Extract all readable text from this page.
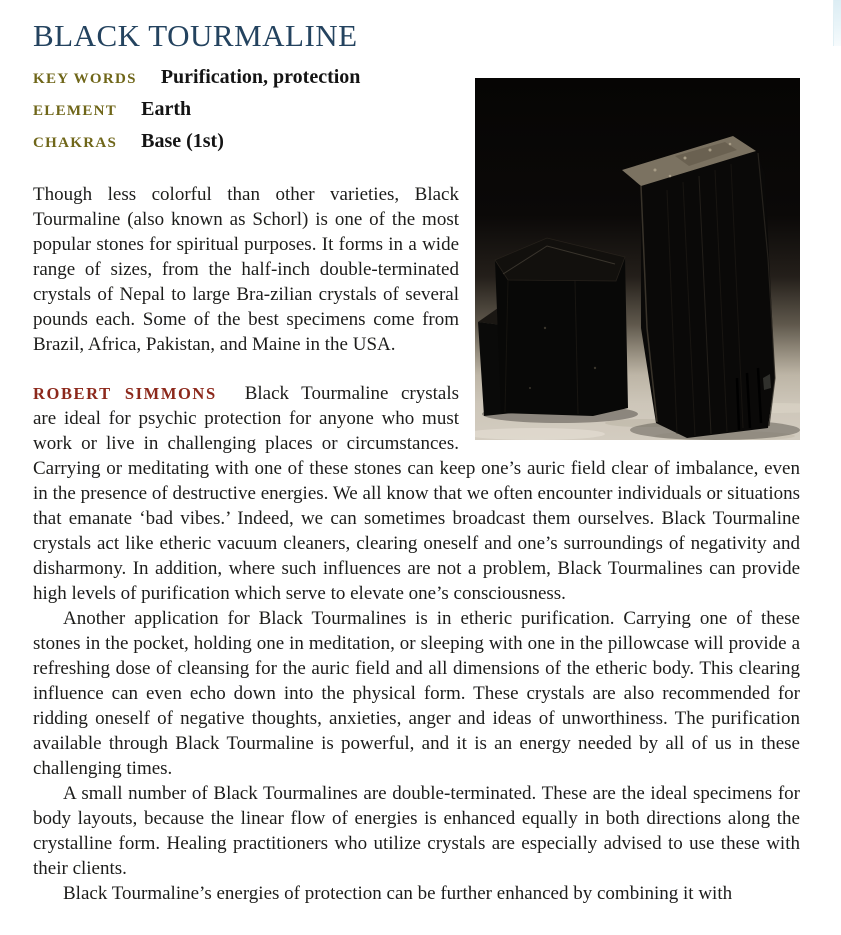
BLACK TOURMALINE
KEY WORDS Purification, protection
ELEMENT Earth
CHAKRAS Base (1st)

Though less colorful than other varieties, Black Tourmaline (also known as Schorl) is one of the most popular stones for spiritual purposes. It forms in a wide range of sizes, from the half-inch double-terminated crystals of Nepal to large Bra-zilian crystals of several pounds each. Some of the best specimens come from Brazil, Africa, Pakistan, and Maine in the USA.

ROBERT SIMMONS Black Tourmaline crystals are ideal for psychic protection for anyone who must work or live in challenging places or circumstances. Carrying or meditating with one of these stones can keep one’s auric field clear of imbalance, even in the presence of destructive energies. We all know that we often encounter individuals or situations that emanate ‘bad vibes.’ Indeed, we can sometimes broadcast them ourselves. Black Tourmaline crystals act like etheric vacuum cleaners, clearing oneself and one’s surroundings of negativity and disharmony. In addition, where such influences are not a problem, Black Tourmalines can provide high levels of purification which serve to elevate one’s consciousness.

Another application for Black Tourmalines is in etheric purification. Carrying one of these stones in the pocket, holding one in meditation, or sleeping with one in the pillowcase will provide a refreshing dose of cleansing for the auric field and all dimensions of the etheric body. This clearing influence can even echo down into the physical form. These crystals are also recommended for ridding oneself of negative thoughts, anxieties, anger and ideas of unworthiness. The purification available through Black Tourmaline is powerful, and it is an energy needed by all of us in these challenging times.

A small number of Black Tourmalines are double-terminated. These are the ideal specimens for body layouts, because the linear flow of energies is enhanced equally in both directions along the crystalline form. Healing practitioners who utilize crystals are especially advised to use these with their clients.

Black Tourmaline’s energies of protection can be further enhanced by combining it with
